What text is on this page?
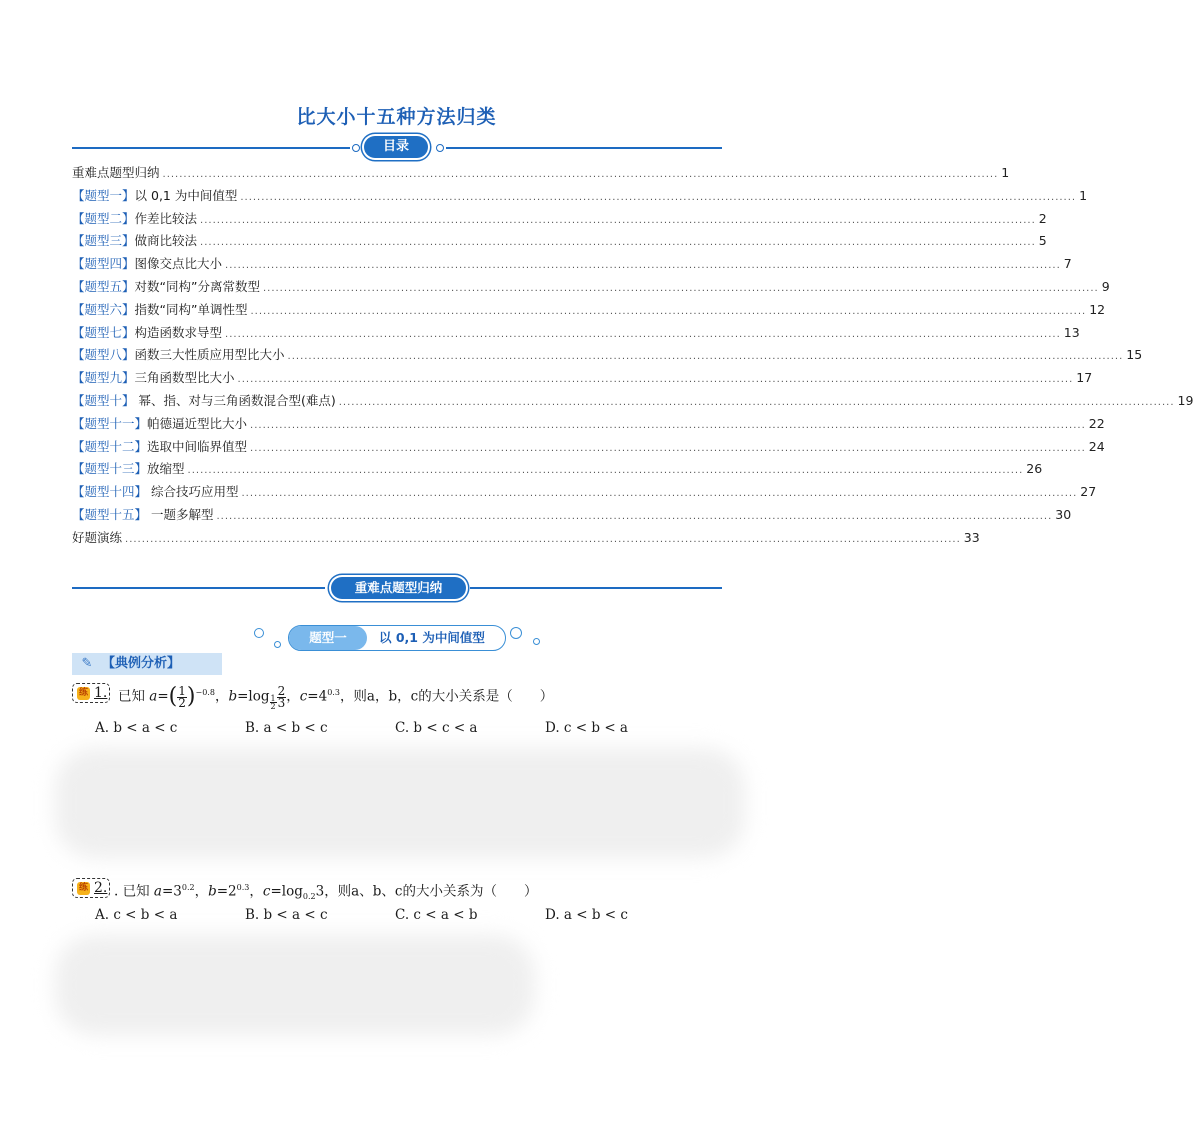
比大小十五种方法归类
目录
重难点题型归纳 ........................................................................................................................................................................................................ 1
【题型一】以 0,1 为中间值型 ........................................................................................................................................................................................................ 1
【题型二】作差比较法 ........................................................................................................................................................................................................ 2
【题型三】做商比较法 ........................................................................................................................................................................................................ 5
【题型四】图像交点比大小 ........................................................................................................................................................................................................ 7
【题型五】对数“同构”分离常数型 ........................................................................................................................................................................................................ 9
【题型六】指数“同构”单调性型 ........................................................................................................................................................................................................ 12
【题型七】构造函数求导型 ........................................................................................................................................................................................................ 13
【题型八】函数三大性质应用型比大小 ........................................................................................................................................................................................................ 15
【题型九】三角函数型比大小 ........................................................................................................................................................................................................ 17
【题型十】 幂、指、对与三角函数混合型(难点) ........................................................................................................................................................................................................ 19
【题型十一】帕德逼近型比大小 ........................................................................................................................................................................................................ 22
【题型十二】选取中间临界值型 ........................................................................................................................................................................................................ 24
【题型十三】放缩型 ........................................................................................................................................................................................................ 26
【题型十四】 综合技巧应用型 ........................................................................................................................................................................................................ 27
【题型十五】 一题多解型 ........................................................................................................................................................................................................ 30
好题演练 ........................................................................................................................................................................................................ 33
重难点题型归纳
题型一	以 0,1 为中间值型
✎ 【典例分析】
练 1. 已知 $a=( \frac{1}{2} )^{-0.8}$，b=log $_{\frac{1}{2}} \frac{2}{3}$ ，$c=4^{0.3}$，则a，b，c的大小关系是（　　）
A. b < a < c	B. a < b < c	C. b < c < a	D. c < b < a
练 2. . 已知 $a=3^{0.2}$，$b=2^{0.3}$，$c=\log_{0.2}3$，则a、b、c的大小关系为（　　）
A. c < b < a	B. b < a < c	C. c < a < b	D. a < b < c
